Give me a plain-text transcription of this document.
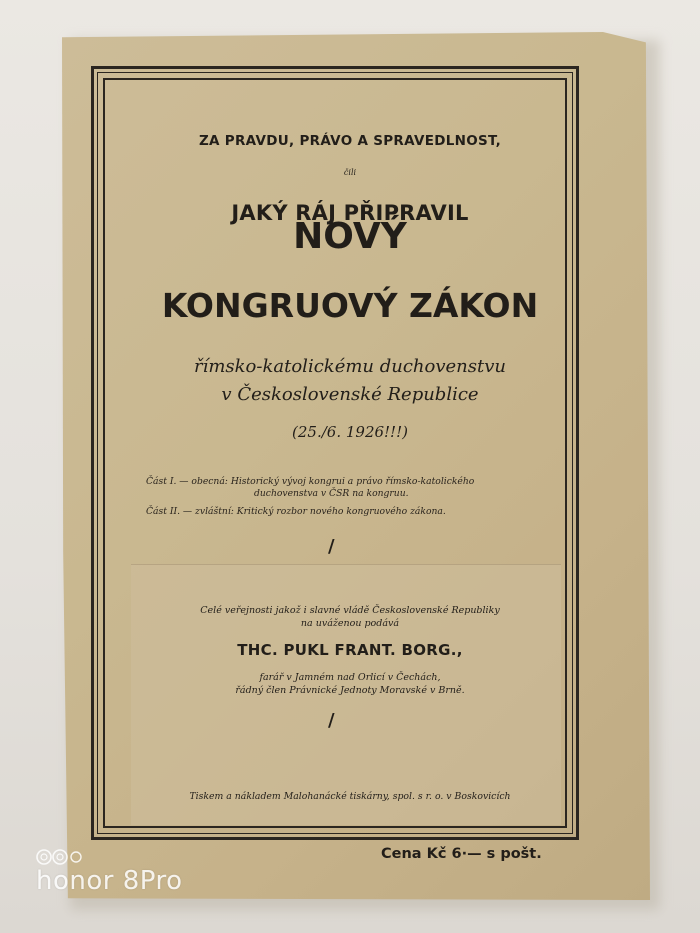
ZA PRAVDU, PRÁVO A SPRAVEDLNOST,
čili
JAKÝ RÁJ PŘIPRAVIL
NOVÝ
KONGRUOVÝ ZÁKON
římsko-katolickému duchovenstvu
v Československé Republice
(25./6. 1926!!!)
Část I. — obecná: Historický vývoj kongrui a právo římsko-katolického
duchovenstva v ČSR na kongruu.
Část II. — zvláštní: Kritický rozbor nového kongruového zákona.
/
Celé veřejnosti jakož i slavné vládě Československé Republiky
na uváženou podává
THC. PUKL FRANT. BORG.,
farář v Jamném nad Orlicí v Čechách,
řádný člen Právnické Jednoty Moravské v Brně.
/
Tiskem a nákladem Malohanácké tiskárny, spol. s r. o. v Boskovicích
Cena Kč 6·— s pošt.
honor 8Pro
